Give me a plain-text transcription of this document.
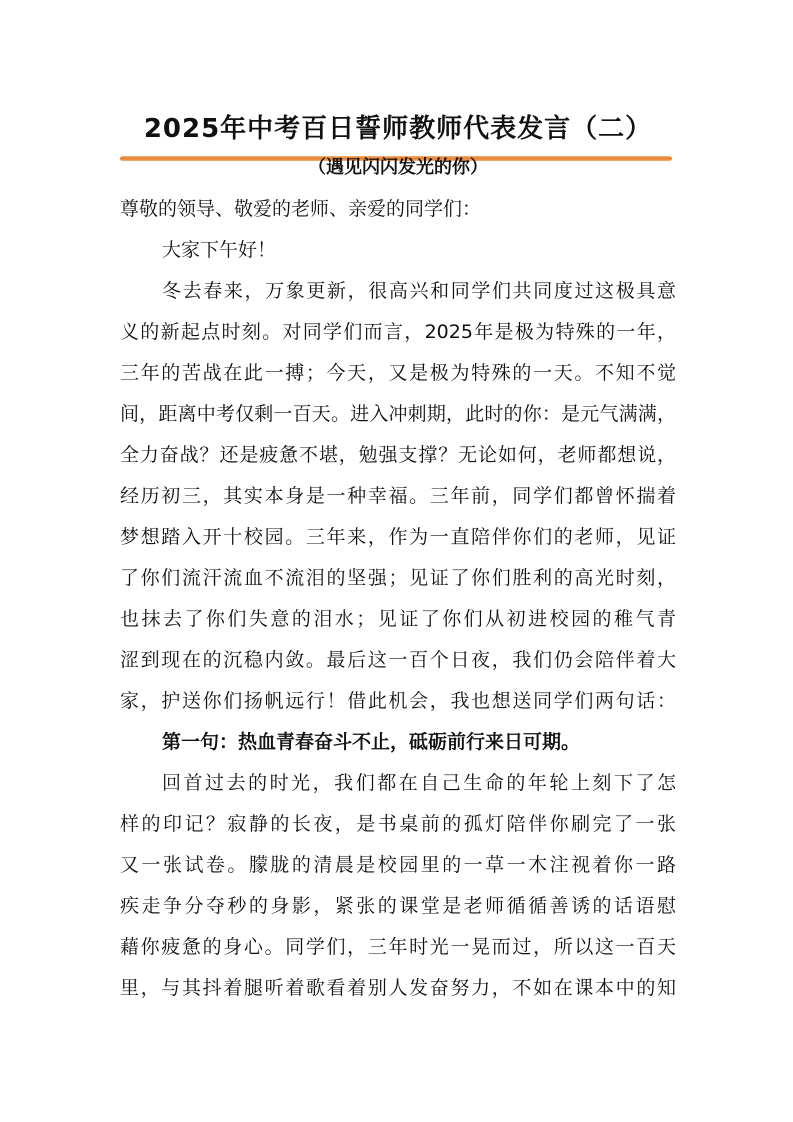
2025年中考百日誓师教师代表发言（二）
（遇见闪闪发光的你）
尊敬的领导、敬爱的老师、亲爱的同学们：
大家下午好！
冬去春来，万象更新，很高兴和同学们共同度过这极具意
义的新起点时刻。对同学们而言，2025年是极为特殊的一年，
三年的苦战在此一搏；今天，又是极为特殊的一天。不知不觉
间，距离中考仅剩一百天。进入冲刺期，此时的你：是元气满满，
全力奋战？还是疲惫不堪，勉强支撑？无论如何，老师都想说，
经历初三，其实本身是一种幸福。三年前，同学们都曾怀揣着
梦想踏入开十校园。三年来，作为一直陪伴你们的老师，见证
了你们流汗流血不流泪的坚强；见证了你们胜利的高光时刻，
也抹去了你们失意的泪水；见证了你们从初进校园的稚气青
涩到现在的沉稳内敛。最后这一百个日夜，我们仍会陪伴着大
家，护送你们扬帆远行！借此机会，我也想送同学们两句话：
第一句：热血青春奋斗不止，砥砺前行来日可期。
回首过去的时光，我们都在自己生命的年轮上刻下了怎
样的印记？寂静的长夜，是书桌前的孤灯陪伴你刷完了一张
又一张试卷。朦胧的清晨是校园里的一草一木注视着你一路
疾走争分夺秒的身影，紧张的课堂是老师循循善诱的话语慰
藉你疲惫的身心。同学们，三年时光一晃而过，所以这一百天
里，与其抖着腿听着歌看着别人发奋努力，不如在课本中的知
